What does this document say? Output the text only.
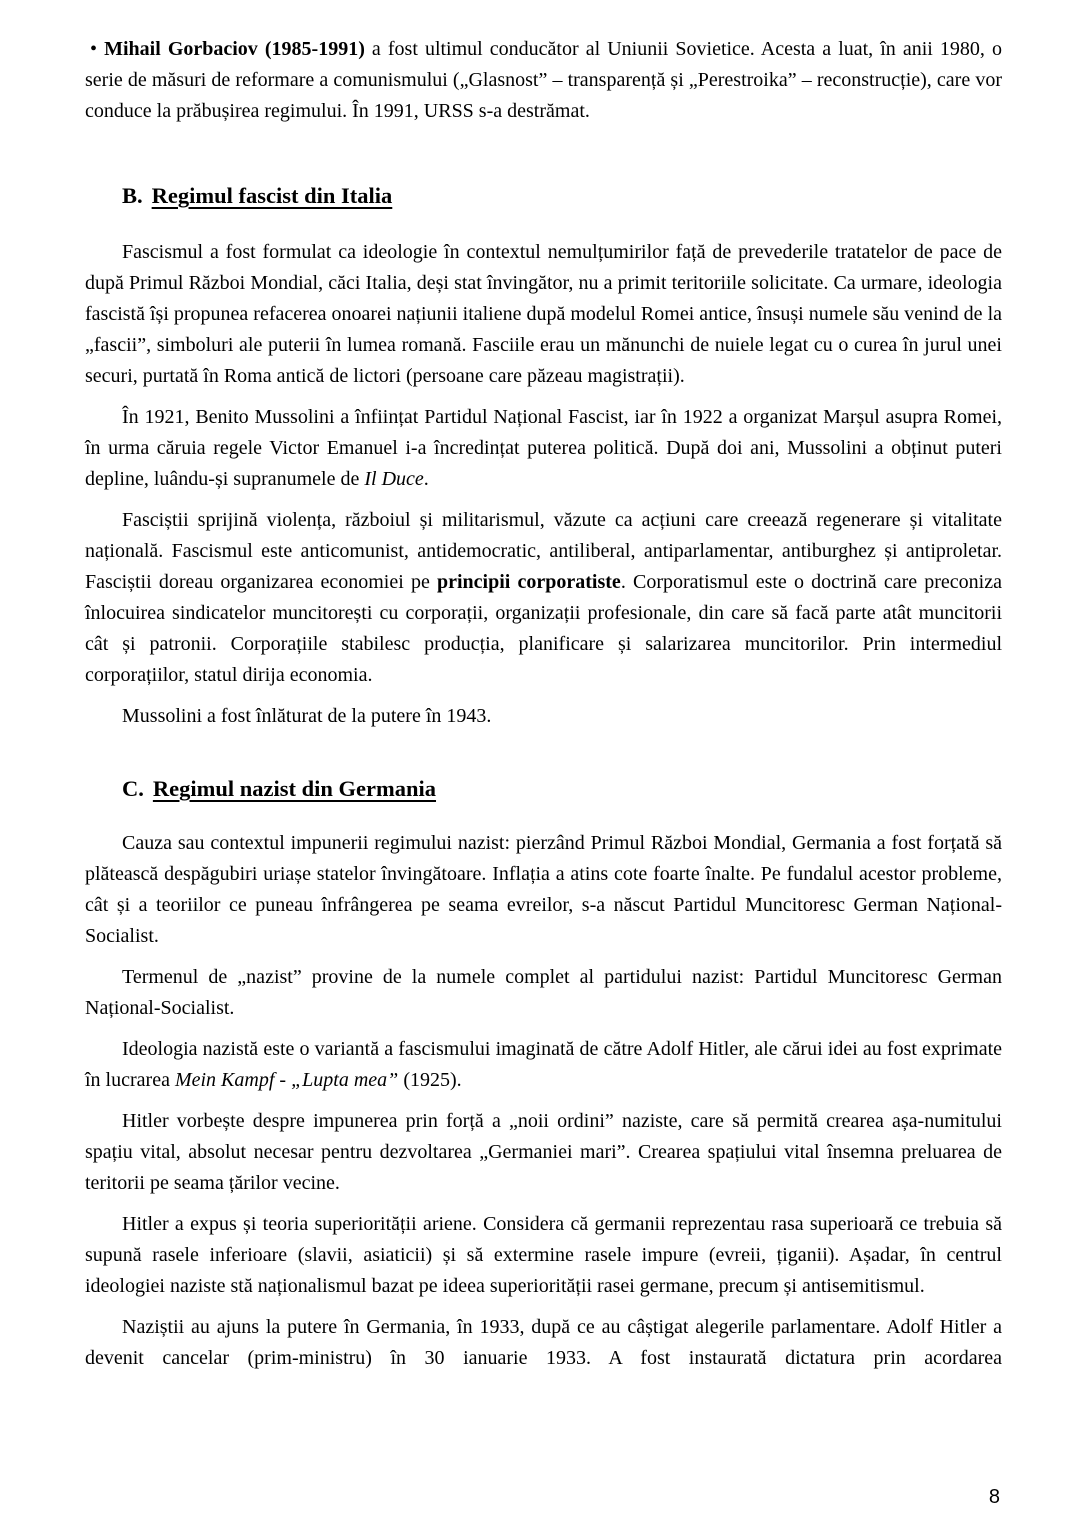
• Mihail Gorbaciov (1985-1991) a fost ultimul conducător al Uniunii Sovietice. Acesta a luat, în anii 1980, o serie de măsuri de reformare a comunismului („Glasnost” – transparență și „Perestroika” – reconstrucție), care vor conduce la prăbușirea regimului. În 1991, URSS s-a destrămat.

B. Regimul fascist din Italia

Fascismul a fost formulat ca ideologie în contextul nemulțumirilor față de prevederile tratatelor de pace de după Primul Război Mondial, căci Italia, deși stat învingător, nu a primit teritoriile solicitate. Ca urmare, ideologia fascistă își propunea refacerea onoarei națiunii italiene după modelul Romei antice, însuși numele său venind de la „fascii”, simboluri ale puterii în lumea romană. Fasciile erau un mănunchi de nuiele legat cu o curea în jurul unei securi, purtată în Roma antică de lictori (persoane care păzeau magistrații).

În 1921, Benito Mussolini a înființat Partidul Național Fascist, iar în 1922 a organizat Marșul asupra Romei, în urma căruia regele Victor Emanuel i-a încredințat puterea politică. După doi ani, Mussolini a obținut puteri depline, luându-și supranumele de Il Duce.

Fasciștii sprijină violența, războiul și militarismul, văzute ca acțiuni care creează regenerare și vitalitate națională. Fascismul este anticomunist, antidemocratic, antiliberal, antiparlamentar, antiburghez și antiproletar. Fasciștii doreau organizarea economiei pe principii corporatiste. Corporatismul este o doctrină care preconiza înlocuirea sindicatelor muncitorești cu corporații, organizații profesionale, din care să facă parte atât muncitorii cât și patronii. Corporațiile stabilesc producția, planificare și salarizarea muncitorilor. Prin intermediul corporațiilor, statul dirija economia.

Mussolini a fost înlăturat de la putere în 1943.

C. Regimul nazist din Germania

Cauza sau contextul impunerii regimului nazist: pierzând Primul Război Mondial, Germania a fost forțată să plătească despăgubiri uriașe statelor învingătoare. Inflația a atins cote foarte înalte. Pe fundalul acestor probleme, cât și a teoriilor ce puneau înfrângerea pe seama evreilor, s-a născut Partidul Muncitoresc German Național-Socialist.

Termenul de „nazist” provine de la numele complet al partidului nazist: Partidul Muncitoresc German Național-Socialist.

Ideologia nazistă este o variantă a fascismului imaginată de către Adolf Hitler, ale cărui idei au fost exprimate în lucrarea Mein Kampf - „Lupta mea” (1925).

Hitler vorbește despre impunerea prin forță a „noii ordini” naziste, care să permită crearea așa-numitului spațiu vital, absolut necesar pentru dezvoltarea „Germaniei mari”. Crearea spațiului vital însemna preluarea de teritorii pe seama țărilor vecine.

Hitler a expus și teoria superiorității ariene. Considera că germanii reprezentau rasa superioară ce trebuia să supună rasele inferioare (slavii, asiaticii) și să extermine rasele impure (evreii, țiganii). Așadar, în centrul ideologiei naziste stă naționalismul bazat pe ideea superiorității rasei germane, precum și antisemitismul.

Naziștii au ajuns la putere în Germania, în 1933, după ce au câștigat alegerile parlamentare. Adolf Hitler a devenit cancelar (prim-ministru) în 30 ianuarie 1933. A fost instaurată dictatura prin acordarea

8
